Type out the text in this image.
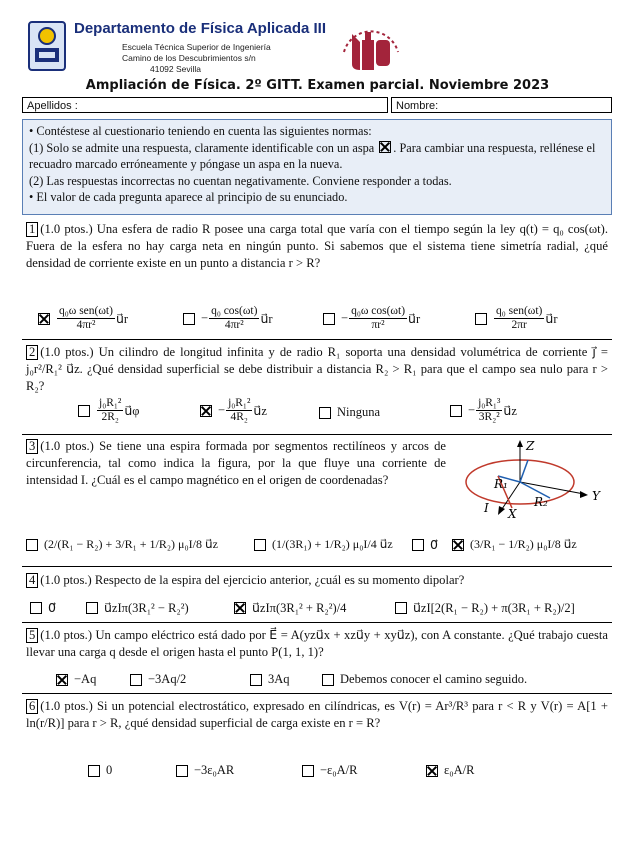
Departamento de Física Aplicada III
Escuela Técnica Superior de Ingeniería
Camino de los Descubrimientos s/n
41092 Sevilla
Ampliación de Física. 2º GITT. Examen parcial. Noviembre 2023
Apellidos :	Nombre:
• Contéstese al cuestionario teniendo en cuenta las siguientes normas:
(1) Solo se admite una respuesta, claramente identificable con un aspa . Para cambiar una respuesta, rellénese el recuadro marcado erróneamente y póngase un aspa en la nueva.
(2) Las respuestas incorrectas no cuentan negativamente. Conviene responder a todas.
• El valor de cada pregunta aparece al principio de su enunciado.
1 (1.0 ptos.) Una esfera de radio R posee una carga total que varía con el tiempo según la ley q(t) = q₀ cos(ωt). Fuera de la esfera no hay carga neta en ningún punto. Si sabemos que el sistema tiene simetría radial, ¿qué densidad de corriente existe en un punto a distancia r > R?
$\frac{\text{q₀ω sen(ωt)}}{\text{4πr²}}$ u⃗r	− $\frac{\text{q₀ cos(ωt)}}{\text{4πr²}}$ u⃗r	− $\frac{\text{q₀ω cos(ωt)}}{\text{πr²}}$ u⃗r	$\frac{\text{q₀ sen(ωt)}}{2\pi r}$ u⃗r
2 (1.0 ptos.) Un cilindro de longitud infinita y de radio R₁ soporta una densidad volumétrica de corriente j⃗ = j₀r²/R₁² u⃗z. ¿Qué densidad superficial se debe distribuir a distancia R₂ > R₁ para que el campo sea nulo para r > R₂?
$\frac{\text{j₀R₁²}}{\text{2R₂}}$ u⃗φ	− $\frac{\text{j₀R₁²}}{\text{4R₂}}$ u⃗z	Ninguna	− $\frac{\text{j₀R₁³}}{\text{3R₂²}}$ u⃗z
3 (1.0 ptos.) Se tiene una espira formada por segmentos rectilíneos y arcos de circunferencia, tal como indica la figura, por la que fluye una corriente de intensidad I. ¿Cuál es el campo magnético en el origen de coordenadas?
Z
Y
X
R₁
R₂
I
(2/(R₁ − R₂) + 3/R₁ + 1/R₂) μ₀I/8 u⃗z	(1/(3R₁) + 1/R₂) μ₀I/4 u⃗z	0⃗	(3/R₁ − 1/R₂) μ₀I/8 u⃗z
4 (1.0 ptos.) Respecto de la espira del ejercicio anterior, ¿cuál es su momento dipolar?
0⃗	u⃗zIπ(3R₁² − R₂²)	u⃗zIπ(3R₁² + R₂²)/4	u⃗zI[2(R₁ − R₂) + π(3R₁ + R₂)/2]
5 (1.0 ptos.) Un campo eléctrico está dado por E⃗ = A(yzu⃗x + xzu⃗y + xyu⃗z), con A constante. ¿Qué trabajo cuesta llevar una carga q desde el origen hasta el punto P(1, 1, 1)?
−Aq	−3Aq/2	3Aq	Debemos conocer el camino seguido.
6 (1.0 ptos.) Si un potencial electrostático, expresado en cilíndricas, es V(r) = Ar³/R³ para r < R y V(r) = A[1 + ln(r/R)] para r > R, ¿qué densidad superficial de carga existe en r = R?
0	−3ε₀AR	−ε₀A/R	ε₀A/R
